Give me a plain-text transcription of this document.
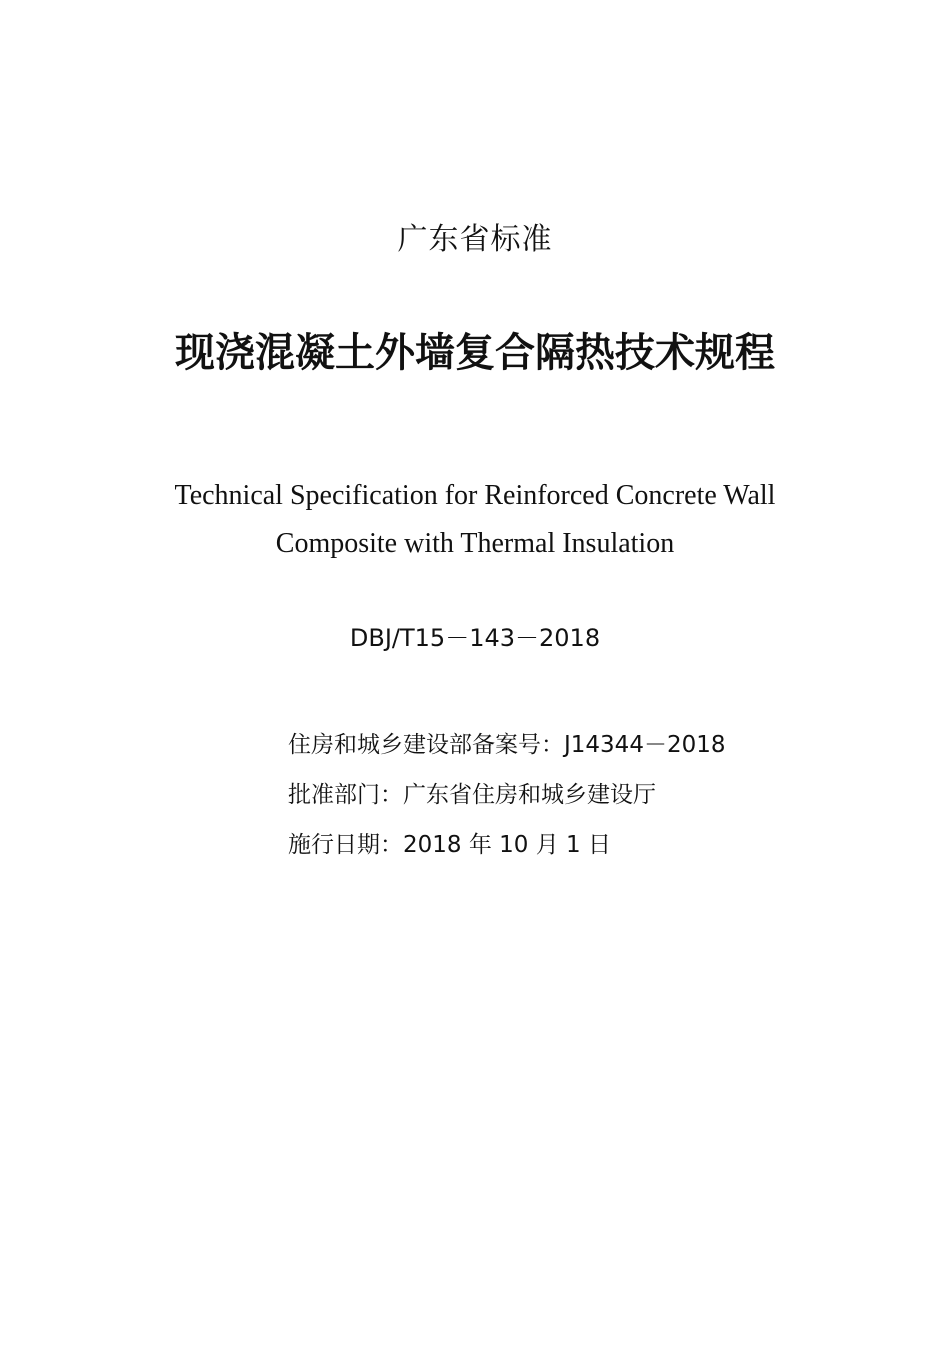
广东省标准
现浇混凝土外墙复合隔热技术规程
Technical Specification for Reinforced Concrete Wall
Composite with Thermal Insulation
DBJ/T15－143－2018
住房和城乡建设部备案号：J14344－2018
批准部门：广东省住房和城乡建设厅
施行日期：2018 年 10 月 1 日
